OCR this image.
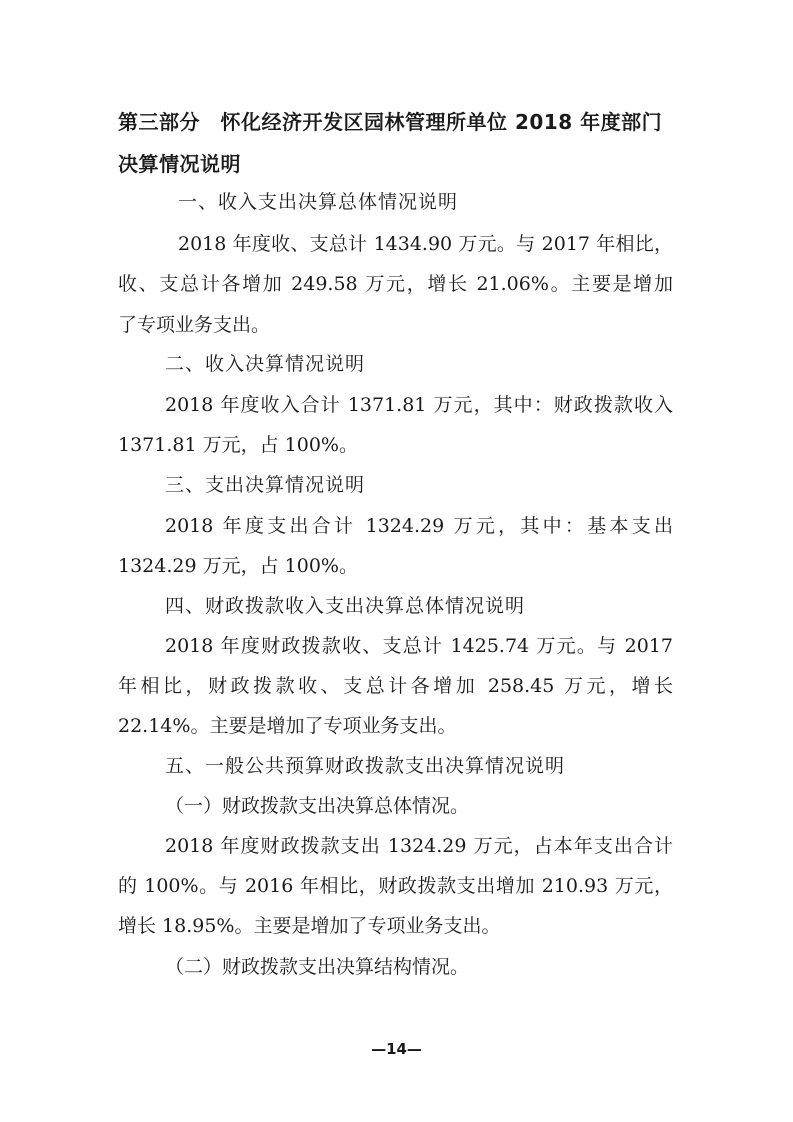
第三部分　怀化经济开发区园林管理所单位 2018 年度部门
决算情况说明

一、收入支出决算总体情况说明

2018 年度收、支总计 1434.90 万元。与 2017 年相比，

收、支总计各增加 249.58 万元，增长 21.06%。主要是增加

了专项业务支出。

二、收入决算情况说明

2018 年度收入合计 1371.81 万元，其中：财政拨款收入

1371.81 万元，占 100%。

三、支出决算情况说明

2018 年度支出合计 1324.29 万元，其中：基本支出

1324.29 万元，占 100%。

四、财政拨款收入支出决算总体情况说明

2018 年度财政拨款收、支总计 1425.74 万元。与 2017

年相比，财政拨款收、支总计各增加 258.45 万元，增长

22.14%。主要是增加了专项业务支出。

五、一般公共预算财政拨款支出决算情况说明

（一）财政拨款支出决算总体情况。

2018 年度财政拨款支出 1324.29 万元，占本年支出合计

的 100%。与 2016 年相比，财政拨款支出增加 210.93 万元，

增长 18.95%。主要是增加了专项业务支出。

（二）财政拨款支出决算结构情况。

—14—
